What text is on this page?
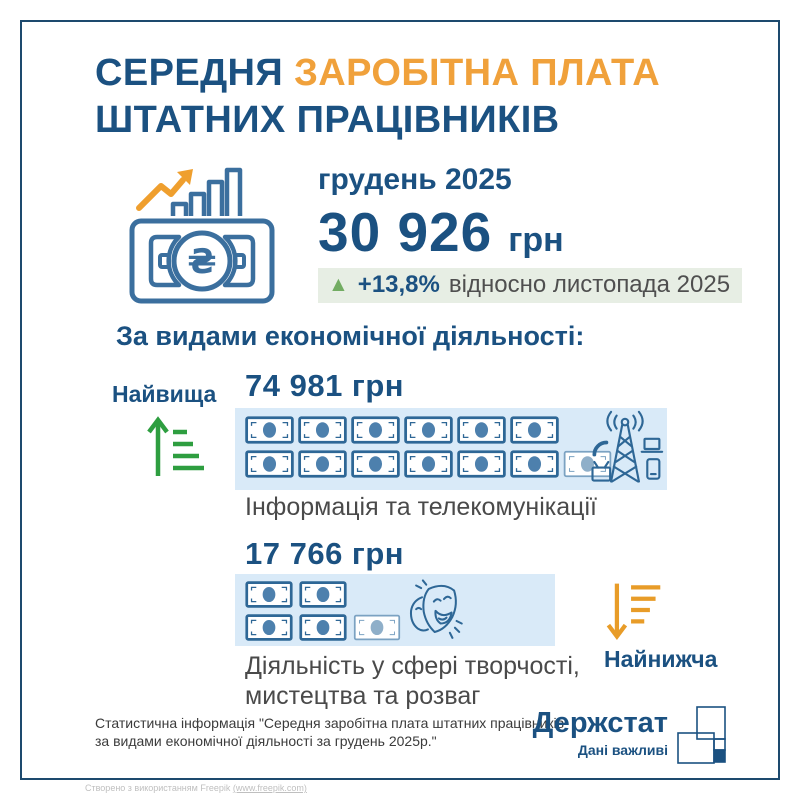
СЕРЕДНЯ ЗАРОБІТНА ПЛАТА
ШТАТНИХ ПРАЦІВНИКІВ
₴
грудень 2025
30 926 грн
▲ +13,8% відносно листопада 2025
За видами економічної діяльності:
Найвища 74 981 грн
Інформація та телекомунікації
17 766 грн
Найнижча
Діяльність у сфері творчості,
мистецтва та розваг
Статистична інформація "Середня заробітна плата штатних працівників
за видами економічної діяльності за грудень 2025р."
Держстат
Дані важливі
Створено з використанням Freepik (www.freepik.com)
